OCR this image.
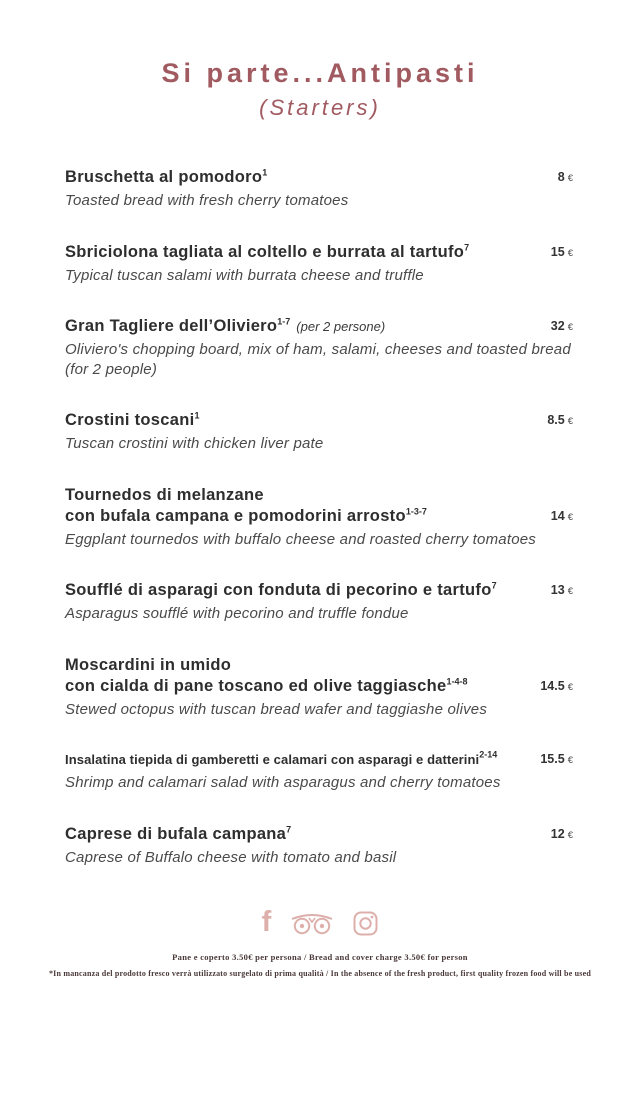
Si parte...Antipasti
(Starters)
Bruschetta al pomodoro$^1$	8 €
Toasted bread with fresh cherry tomatoes
Sbriciolona tagliata al coltello e burrata al tartufo$^7$	15 €
Typical tuscan salami with burrata cheese and truffle
Gran Tagliere dell’Oliviero$^{1-7}$ (per 2 persone)	32 €
Oliviero's chopping board, mix of ham, salami, cheeses and toasted bread
(for 2 people)
Crostini toscani$^1$	8.5 €
Tuscan crostini with chicken liver pate
Tournedos di melanzane
con bufala campana e pomodorini arrosto$^{1-3-7}$	14 €
Eggplant tournedos with buffalo cheese and roasted cherry tomatoes
Soufflé di asparagi con fonduta di pecorino e tartufo$^7$	13 €
Asparagus soufflé with pecorino and truffle fondue
Moscardini in umido
con cialda di pane toscano ed olive taggiasche$^{1-4-8}$	14.5 €
Stewed octopus with tuscan bread wafer and taggiashe olives
Insalatina tiepida di gamberetti e calamari con asparagi e datterini$^{2-14}$	15.5 €
Shrimp and calamari salad with asparagus and cherry tomatoes
Caprese di bufala campana$^7$	12 €
Caprese of Buffalo cheese with tomato and basil
f

Pane e coperto 3.50€ per persona / Bread and cover charge 3.50€ for person

*In mancanza del prodotto fresco verrà utilizzato surgelato di prima qualità / In the absence of the fresh product, first quality frozen food will be used
